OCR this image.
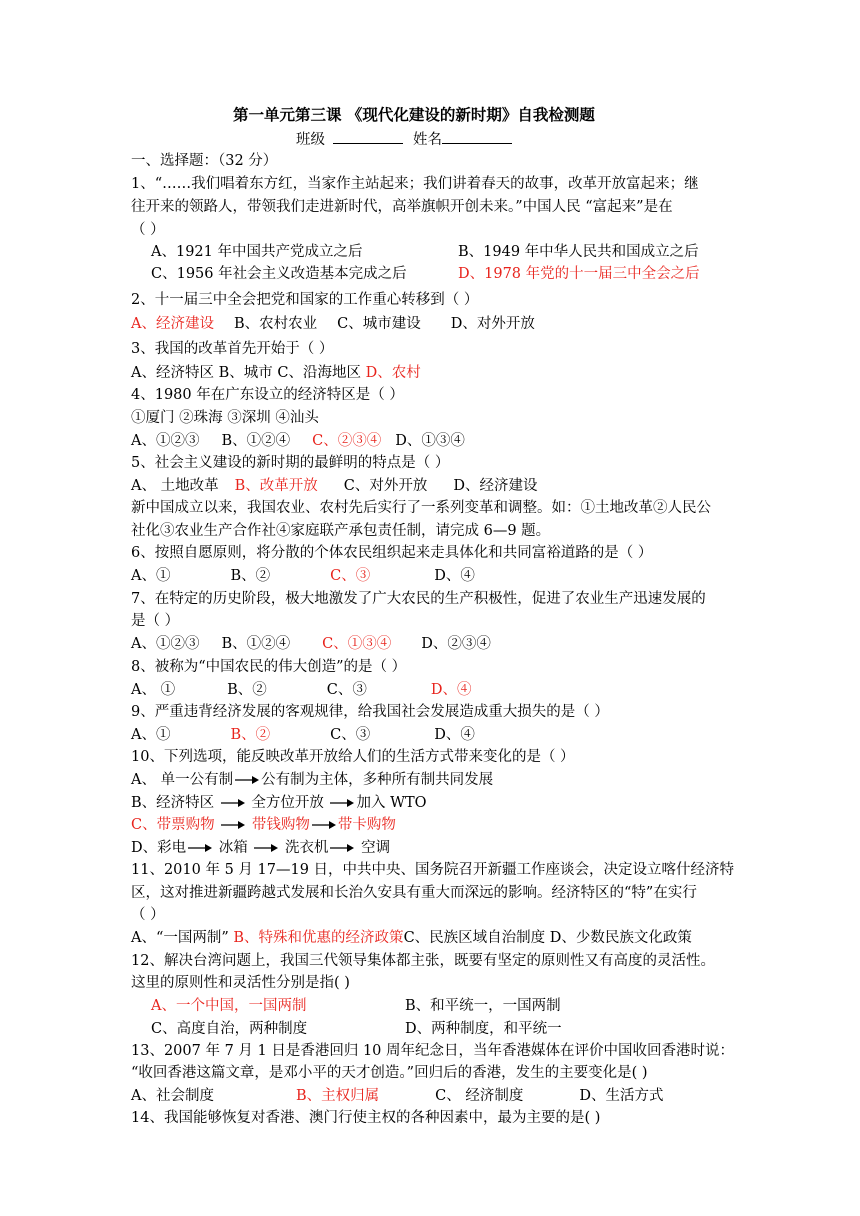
第一单元第三课 《现代化建设的新时期》自我检测题
班级	姓名
一、选择题：（32 分）
1、“……我们唱着东方红，当家作主站起来；我们讲着春天的故事，改革开放富起来；继
往开来的领路人，带领我们走进新时代，高举旗帜开创未来。”中国人民 “富起来”是在
（ ）
A、1921 年中国共产党成立之后	B、1949 年中华人民共和国成立之后
C、1956 年社会主义改造基本完成之后	D、1978 年党的十一届三中全会之后
2、十一届三中全会把党和国家的工作重心转移到（ ）
A、经济建设 B、农村农业 C、城市建设 D、对外开放
3、我国的改革首先开始于（ ）
A、经济特区 B、城市 C、沿海地区 D、农村
4、1980 年在广东设立的经济特区是（ ）
①厦门 ②珠海 ③深圳 ④汕头
A、①②③ B、①②④ C、②③④ D、①③④
5、社会主义建设的新时期的最鲜明的特点是（ ）
A、 土地改革 B、改革开放 C、对外开放 D、经济建设
新中国成立以来，我国农业、农村先后实行了一系列变革和调整。如：①土地改革②人民公
社化③农业生产合作社④家庭联产承包责任制，请完成 6—9 题。
6、按照自愿原则，将分散的个体农民组织起来走具体化和共同富裕道路的是（ ）
A、①	B、②	C、③	D、④
7、在特定的历史阶段，极大地激发了广大农民的生产积极性，促进了农业生产迅速发展的
是（ ）
A、①②③ B、①②④ C、①③④ D、②③④
8、被称为“中国农民的伟大创造”的是（ ）
A、 ①	B、②	C、③	D、④
9、严重违背经济发展的客观规律，给我国社会发展造成重大损失的是（ ）
A、①	B、②	C、③	D、④
10、下列选项，能反映改革开放给人们的生活方式带来变化的是（ ）
A、 单一公有制 公有制为主体，多种所有制共同发展
B、经济特区  全方位开放 加入 WTO
C、带票购物  带钱购物 带卡购物
D、彩电 冰箱  洗衣机 空调
11、2010 年 5 月 17—19 日，中共中央、国务院召开新疆工作座谈会，决定设立喀什经济特
区，这对推进新疆跨越式发展和长治久安具有重大而深远的影响。经济特区的“特”在实行
（ ）
A、“一国两制” B、特殊和优惠的经济政策C、民族区域自治制度 D、少数民族文化政策
12、解决台湾问题上，我国三代领导集体都主张，既要有坚定的原则性又有高度的灵活性。
这里的原则性和灵活性分别是指( )
A、一个中国，一国两制	B、和平统一，一国两制
C、高度自治，两种制度	D、两种制度，和平统一
13、2007 年 7 月 1 日是香港回归 10 周年纪念日，当年香港媒体在评价中国收回香港时说：
“收回香港这篇文章，是邓小平的天才创造。”回归后的香港，发生的主要变化是( )
A、社会制度	B、主权归属	C、 经济制度	D、生活方式
14、我国能够恢复对香港、澳门行使主权的各种因素中，最为主要的是( )
